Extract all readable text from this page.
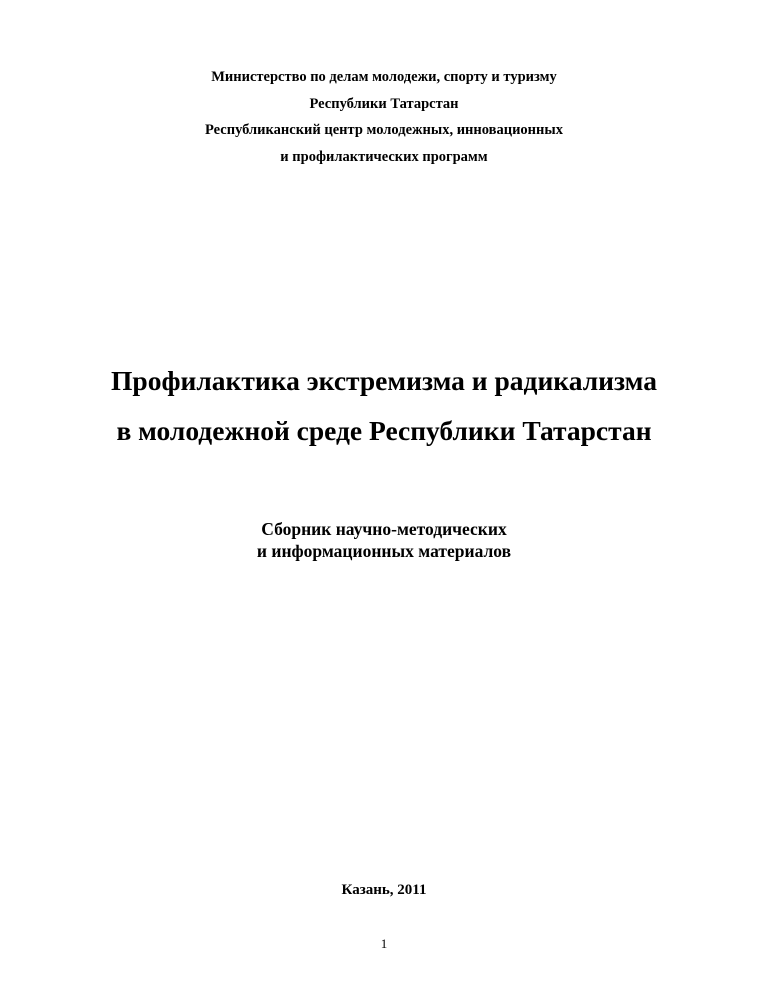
Министерство по делам молодежи, спорту и туризму
Республики Татарстан
Республиканский центр молодежных, инновационных
и профилактических программ
Профилактика экстремизма и радикализма
в молодежной среде Республики Татарстан
Сборник научно-методических
и информационных материалов
Казань, 2011
1
